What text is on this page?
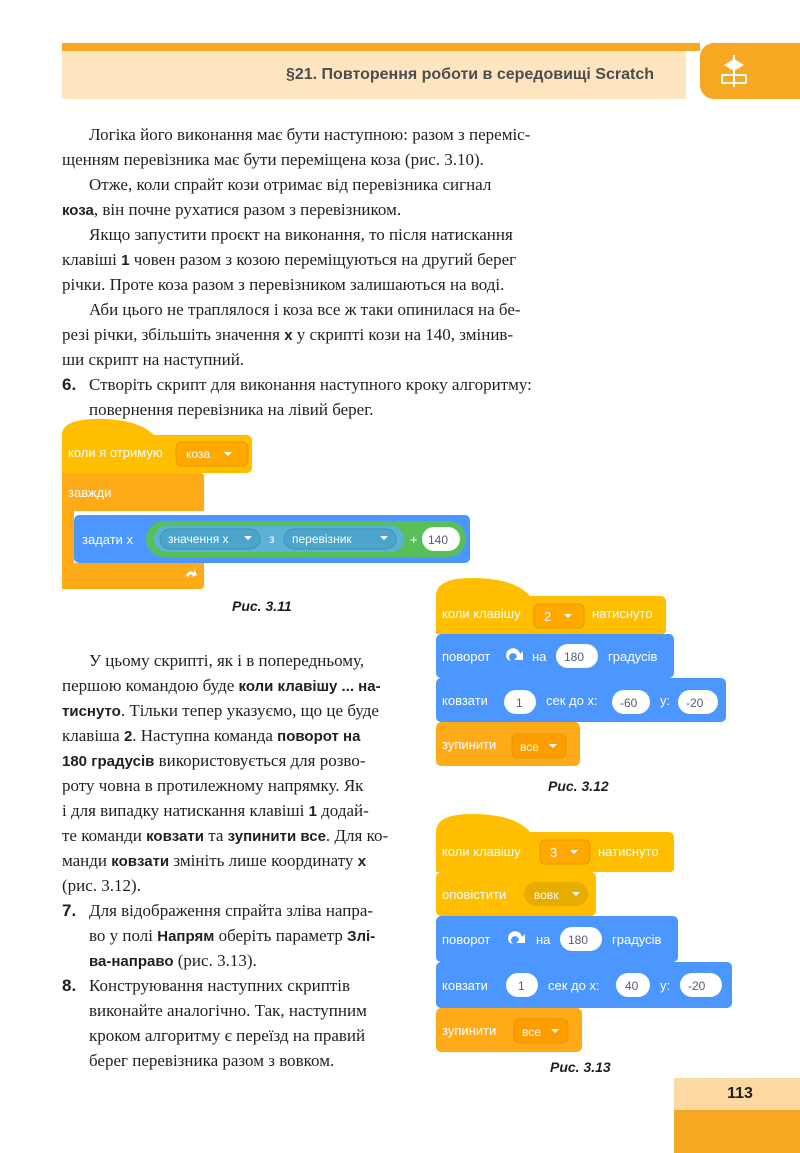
§21. Повторення роботи в середовищі Scratch
Логіка його виконання має бути наступною: разом з переміс-
щенням перевізника має бути переміщена коза (рис. 3.10).
Отже, коли спрайт кози отримає від перевізника сигнал
коза, він почне рухатися разом з перевізником.
Якщо запустити проєкт на виконання, то після натискання
клавіші 1 човен разом з козою переміщуються на другий берег
річки. Проте коза разом з перевізником залишаються на воді.
Аби цього не траплялося і коза все ж таки опинилася на бе-
резі річки, збільшіть значення x у скрипті кози на 140, змінив-
ши скрипт на наступний.
6. Створіть скрипт для виконання наступного кроку алгоритму:
повернення перевізника на лівий берег.
коли я отримую коза
завжди
задати x	значення x	з перевізник	+ 140
Рис. 3.11	коли клавішу 2	натиснуто
поворот	на 180 градусів
ковзати 1 сек до x: -60 y: -20
зупинити все
Рис. 3.12
У цьому скрипті, як і в попередньому,
першою командою буде коли клавішу ... на-
тиснуто. Тільки тепер указуємо, що це буде
клавіша 2. Наступна команда поворот на
180 градусів використовується для розво-
роту човна в протилежному напрямку. Як
і для випадку натискання клавіші 1 додай-
те команди ковзати та зупинити все. Для ко-
манди ковзати змініть лише координату x
(рис. 3.12).
7. Для відображення спрайта зліва напра-
во у полі Напрям оберіть параметр Злі-
ва-направо (рис. 3.13).
8. Конструювання наступних скриптів
виконайте аналогічно. Так, наступним
кроком алгоритму є переїзд на правий
берег перевізника разом з вовком.
коли клавішу 3	натиснуто
оповістити вовк
поворот	на 180 градусів
ковзати	1 сек до x: 40 y: -20
зупинити все
Рис. 3.13
113
